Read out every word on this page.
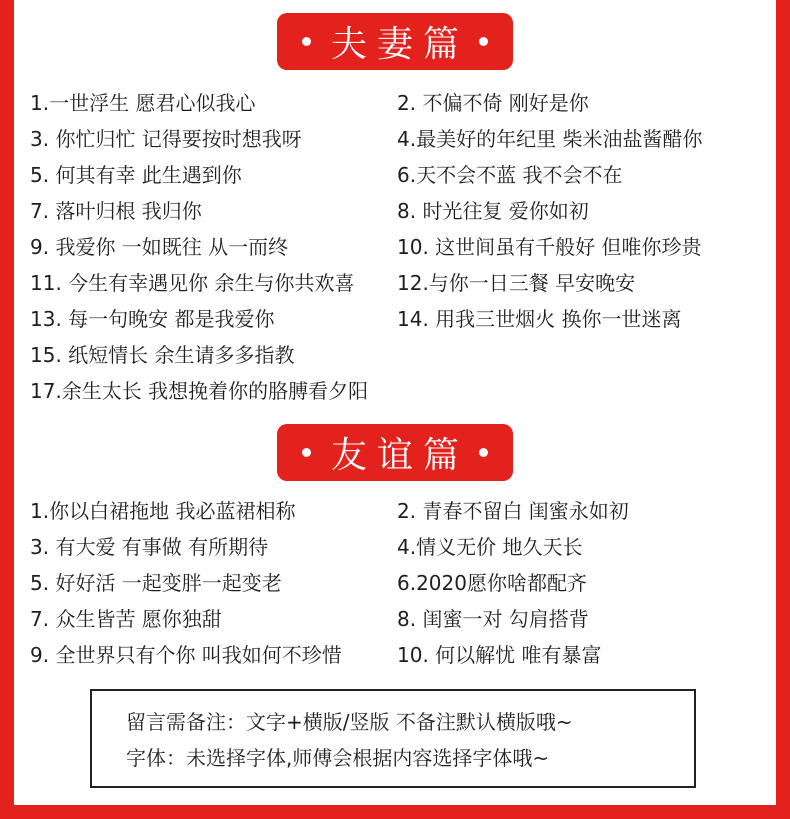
夫妻篇
1.一世浮生 愿君心似我心	2. 不偏不倚 刚好是你
3. 你忙归忙 记得要按时想我呀	4.最美好的年纪里 柴米油盐酱醋你
5. 何其有幸 此生遇到你	6.天不会不蓝 我不会不在
7. 落叶归根 我归你	8. 时光往复 爱你如初
9. 我爱你 一如既往 从一而终	10. 这世间虽有千般好 但唯你珍贵
11. 今生有幸遇见你 余生与你共欢喜	12.与你一日三餐 早安晚安
13. 每一句晚安 都是我爱你	14. 用我三世烟火 换你一世迷离
15. 纸短情长 余生请多多指教
17.余生太长 我想挽着你的胳膊看夕阳
友谊篇
1.你以白裙拖地 我必蓝裙相称	2. 青春不留白 闺蜜永如初
3. 有大爱 有事做 有所期待	4.情义无价 地久天长
5. 好好活 一起变胖一起变老	6.2020愿你啥都配齐
7. 众生皆苦 愿你独甜	8. 闺蜜一对 勾肩搭背
9. 全世界只有个你 叫我如何不珍惜	10. 何以解忧 唯有暴富
留言需备注：文字+横版/竖版 不备注默认横版哦~
字体：未选择字体,师傅会根据内容选择字体哦~
